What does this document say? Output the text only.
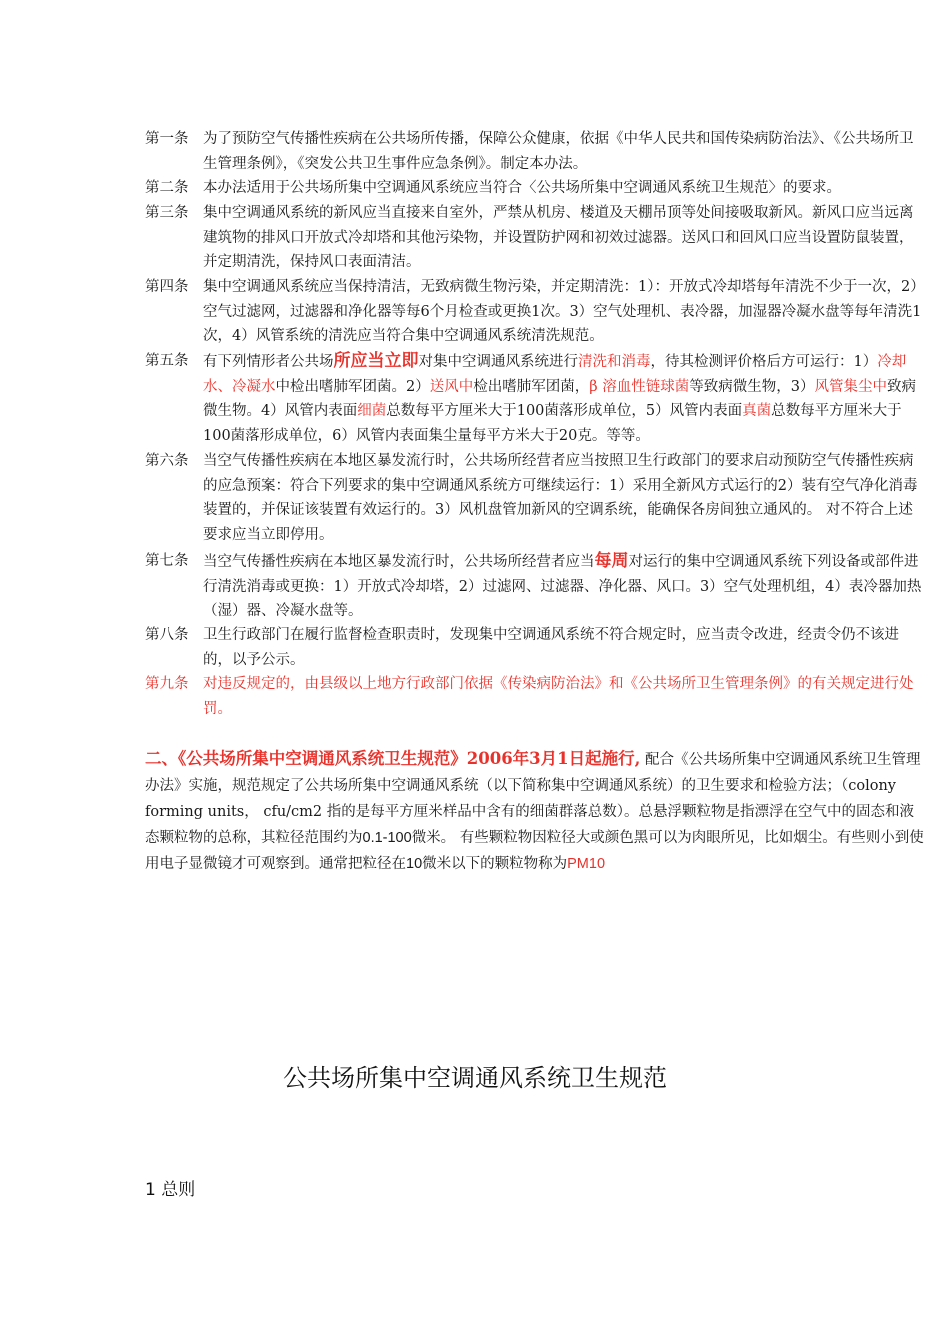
第一条	为了预防空气传播性疾病在公共场所传播，保障公众健康，依据《中华人民共和国传染病防治法》、《公共场所卫生管理条例》，《突发公共卫生事件应急条例》。制定本办法。
第二条	本办法适用于公共场所集中空调通风系统应当符合〈公共场所集中空调通风系统卫生规范〉的要求。
第三条	集中空调通风系统的新风应当直接来自室外，严禁从机房、楼道及天棚吊顶等处间接吸取新风。新风口应当远离建筑物的排风口开放式冷却塔和其他污染物，并设置防护网和初效过滤器。送风口和回风口应当设置防鼠装置，并定期清洗，保持风口表面清洁。
第四条	集中空调通风系统应当保持清洁，无致病微生物污染，并定期清洗：1）：开放式冷却塔每年清洗不少于一次，2）空气过滤网，过滤器和净化器等每6个月检查或更换1次。3）空气处理机、表冷器，加湿器冷凝水盘等每年清洗1次，4）风管系统的清洗应当符合集中空调通风系统清洗规范。
第五条	有下列情形者公共场所应当立即对集中空调通风系统进行清洗和消毒，待其检测评价格后方可运行：1）冷却水、冷凝水中检出嗜肺军团菌。2）送风中检出嗜肺军团菌，β 溶血性链球菌等致病微生物，3）风管集尘中致病微生物。4）风管内表面细菌总数每平方厘米大于100菌落形成单位，5）风管内表面真菌总数每平方厘米大于100菌落形成单位，6）风管内表面集尘量每平方米大于20克。等等。
第六条	当空气传播性疾病在本地区暴发流行时，公共场所经营者应当按照卫生行政部门的要求启动预防空气传播性疾病的应急预案：符合下列要求的集中空调通风系统方可继续运行：1）采用全新风方式运行的2）装有空气净化消毒装置的，并保证该装置有效运行的。3）风机盘管加新风的空调系统，能确保各房间独立通风的。 对不符合上述要求应当立即停用。
第七条	当空气传播性疾病在本地区暴发流行时，公共场所经营者应当每周对运行的集中空调通风系统下列设备或部件进行清洗消毒或更换：1）开放式冷却塔，2）过滤网、过滤器、净化器、风口。3）空气处理机组，4）表冷器加热（湿）器、冷凝水盘等。
第八条	卫生行政部门在履行监督检查职责时，发现集中空调通风系统不符合规定时，应当责令改进，经责令仍不该进的，以予公示。
第九条	对违反规定的，由县级以上地方行政部门依据《传染病防治法》和《公共场所卫生管理条例》的有关规定进行处罚。
二、《公共场所集中空调通风系统卫生规范》2006年3月1日起施行, 配合《公共场所集中空调通风系统卫生管理办法》实施，规范规定了公共场所集中空调通风系统（以下简称集中空调通风系统）的卫生要求和检验方法；（colony forming units， cfu/cm2 指的是每平方厘米样品中含有的细菌群落总数）。总悬浮颗粒物是指漂浮在空气中的固态和液态颗粒物的总称，其粒径范围约为0.1-100微米。 有些颗粒物因粒径大或颜色黑可以为肉眼所见，比如烟尘。有些则小到使用电子显微镜才可观察到。通常把粒径在10微米以下的颗粒物称为PM10
公共场所集中空调通风系统卫生规范
1 总则
